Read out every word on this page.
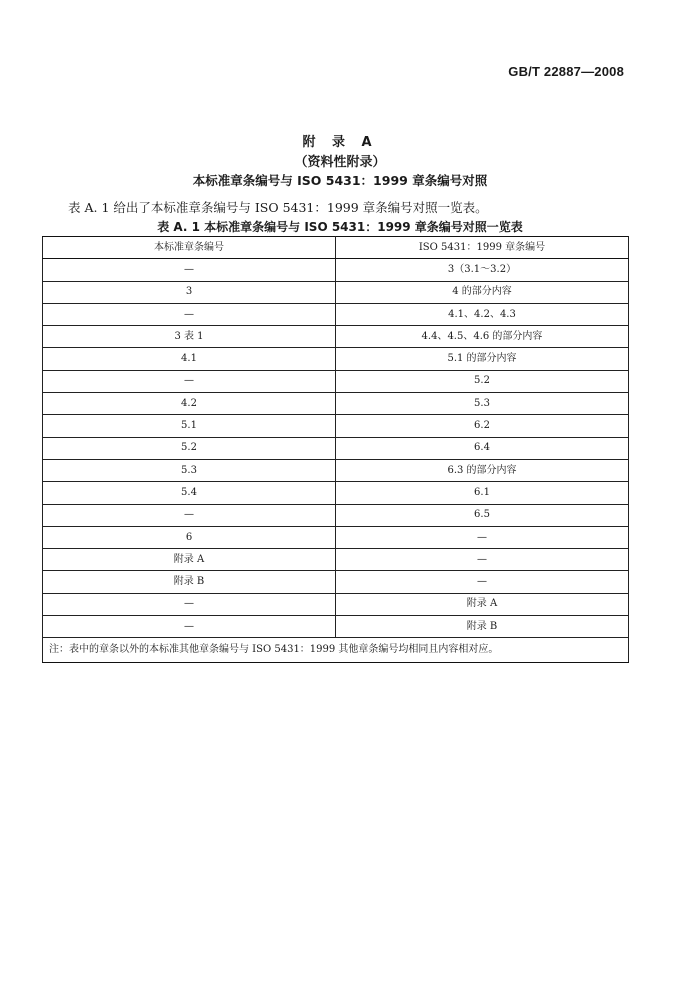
GB/T 22887—2008
附 录 A
（资料性附录）
本标准章条编号与 ISO 5431：1999 章条编号对照
表 A. 1 给出了本标准章条编号与 ISO 5431：1999 章条编号对照一览表。
表 A. 1 本标准章条编号与 ISO 5431：1999 章条编号对照一览表
本标准章条编号	ISO 5431：1999 章条编号
—	3（3.1～3.2）
3	4 的部分内容
—	4.1、4.2、4.3
3 表 1	4.4、4.5、4.6 的部分内容
4.1	5.1 的部分内容
—	5.2
4.2	5.3
5.1	6.2
5.2	6.4
5.3	6.3 的部分内容
5.4	6.1
—	6.5
6	—
附录 A	—
附录 B	—
—	附录 A
—	附录 B
注：表中的章条以外的本标准其他章条编号与 ISO 5431：1999 其他章条编号均相同且内容相对应。	
